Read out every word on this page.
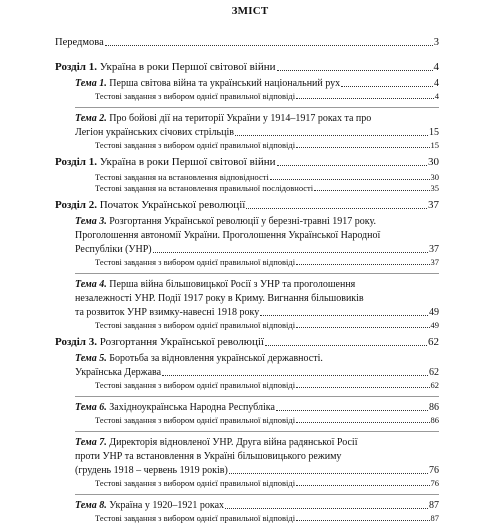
ЗМІСТ
Передмова	3
Розділ 1. Україна в роки Першої світової війни	4
Тема 1. Перша світова війна та український національний рух	4
Тестові завдання з вибором однієї правильної відповіді	4
Тема 2. Про бойові дії на території України у 1914–1917 роках та про
Легіон українських січових стрільців	15
Тестові завдання з вибором однієї правильної відповіді	15
Розділ 1. Україна в роки Першої світової війни	30
Тестові завдання на встановлення відповідності	30
Тестові завдання на встановлення правильної послідовності	35
Розділ 2. Початок Української революції	37
Тема 3. Розгортання Української революції у березні-травні 1917 року.
Проголошення автономії України. Проголошення Української Народної
Республіки (УНР)	37
Тестові завдання з вибором однієї правильної відповіді	37
Тема 4. Перша війна більшовицької Росії з УНР та проголошення
незалежності УНР. Події 1917 року в Криму. Вигнання більшовиків
та розвиток УНР взимку-навесні 1918 року	49
Тестові завдання з вибором однієї правильної відповіді	49
Розділ 3. Розгортання Української революції	62
Тема 5. Боротьба за відновлення української державності.
Українська Держава	62
Тестові завдання з вибором однієї правильної відповіді	62
Тема 6. Західноукраїнська Народна Республіка	86
Тестові завдання з вибором однієї правильної відповіді	86
Тема 7. Директорія відновленої УНР. Друга війна радянської Росії
проти УНР та встановлення в Україні більшовицького режиму
(грудень 1918 – червень 1919 років)	76
Тестові завдання з вибором однієї правильної відповіді	76
Тема 8. Україна у 1920–1921 роках	87
Тестові завдання з вибором однієї правильної відповіді	87
